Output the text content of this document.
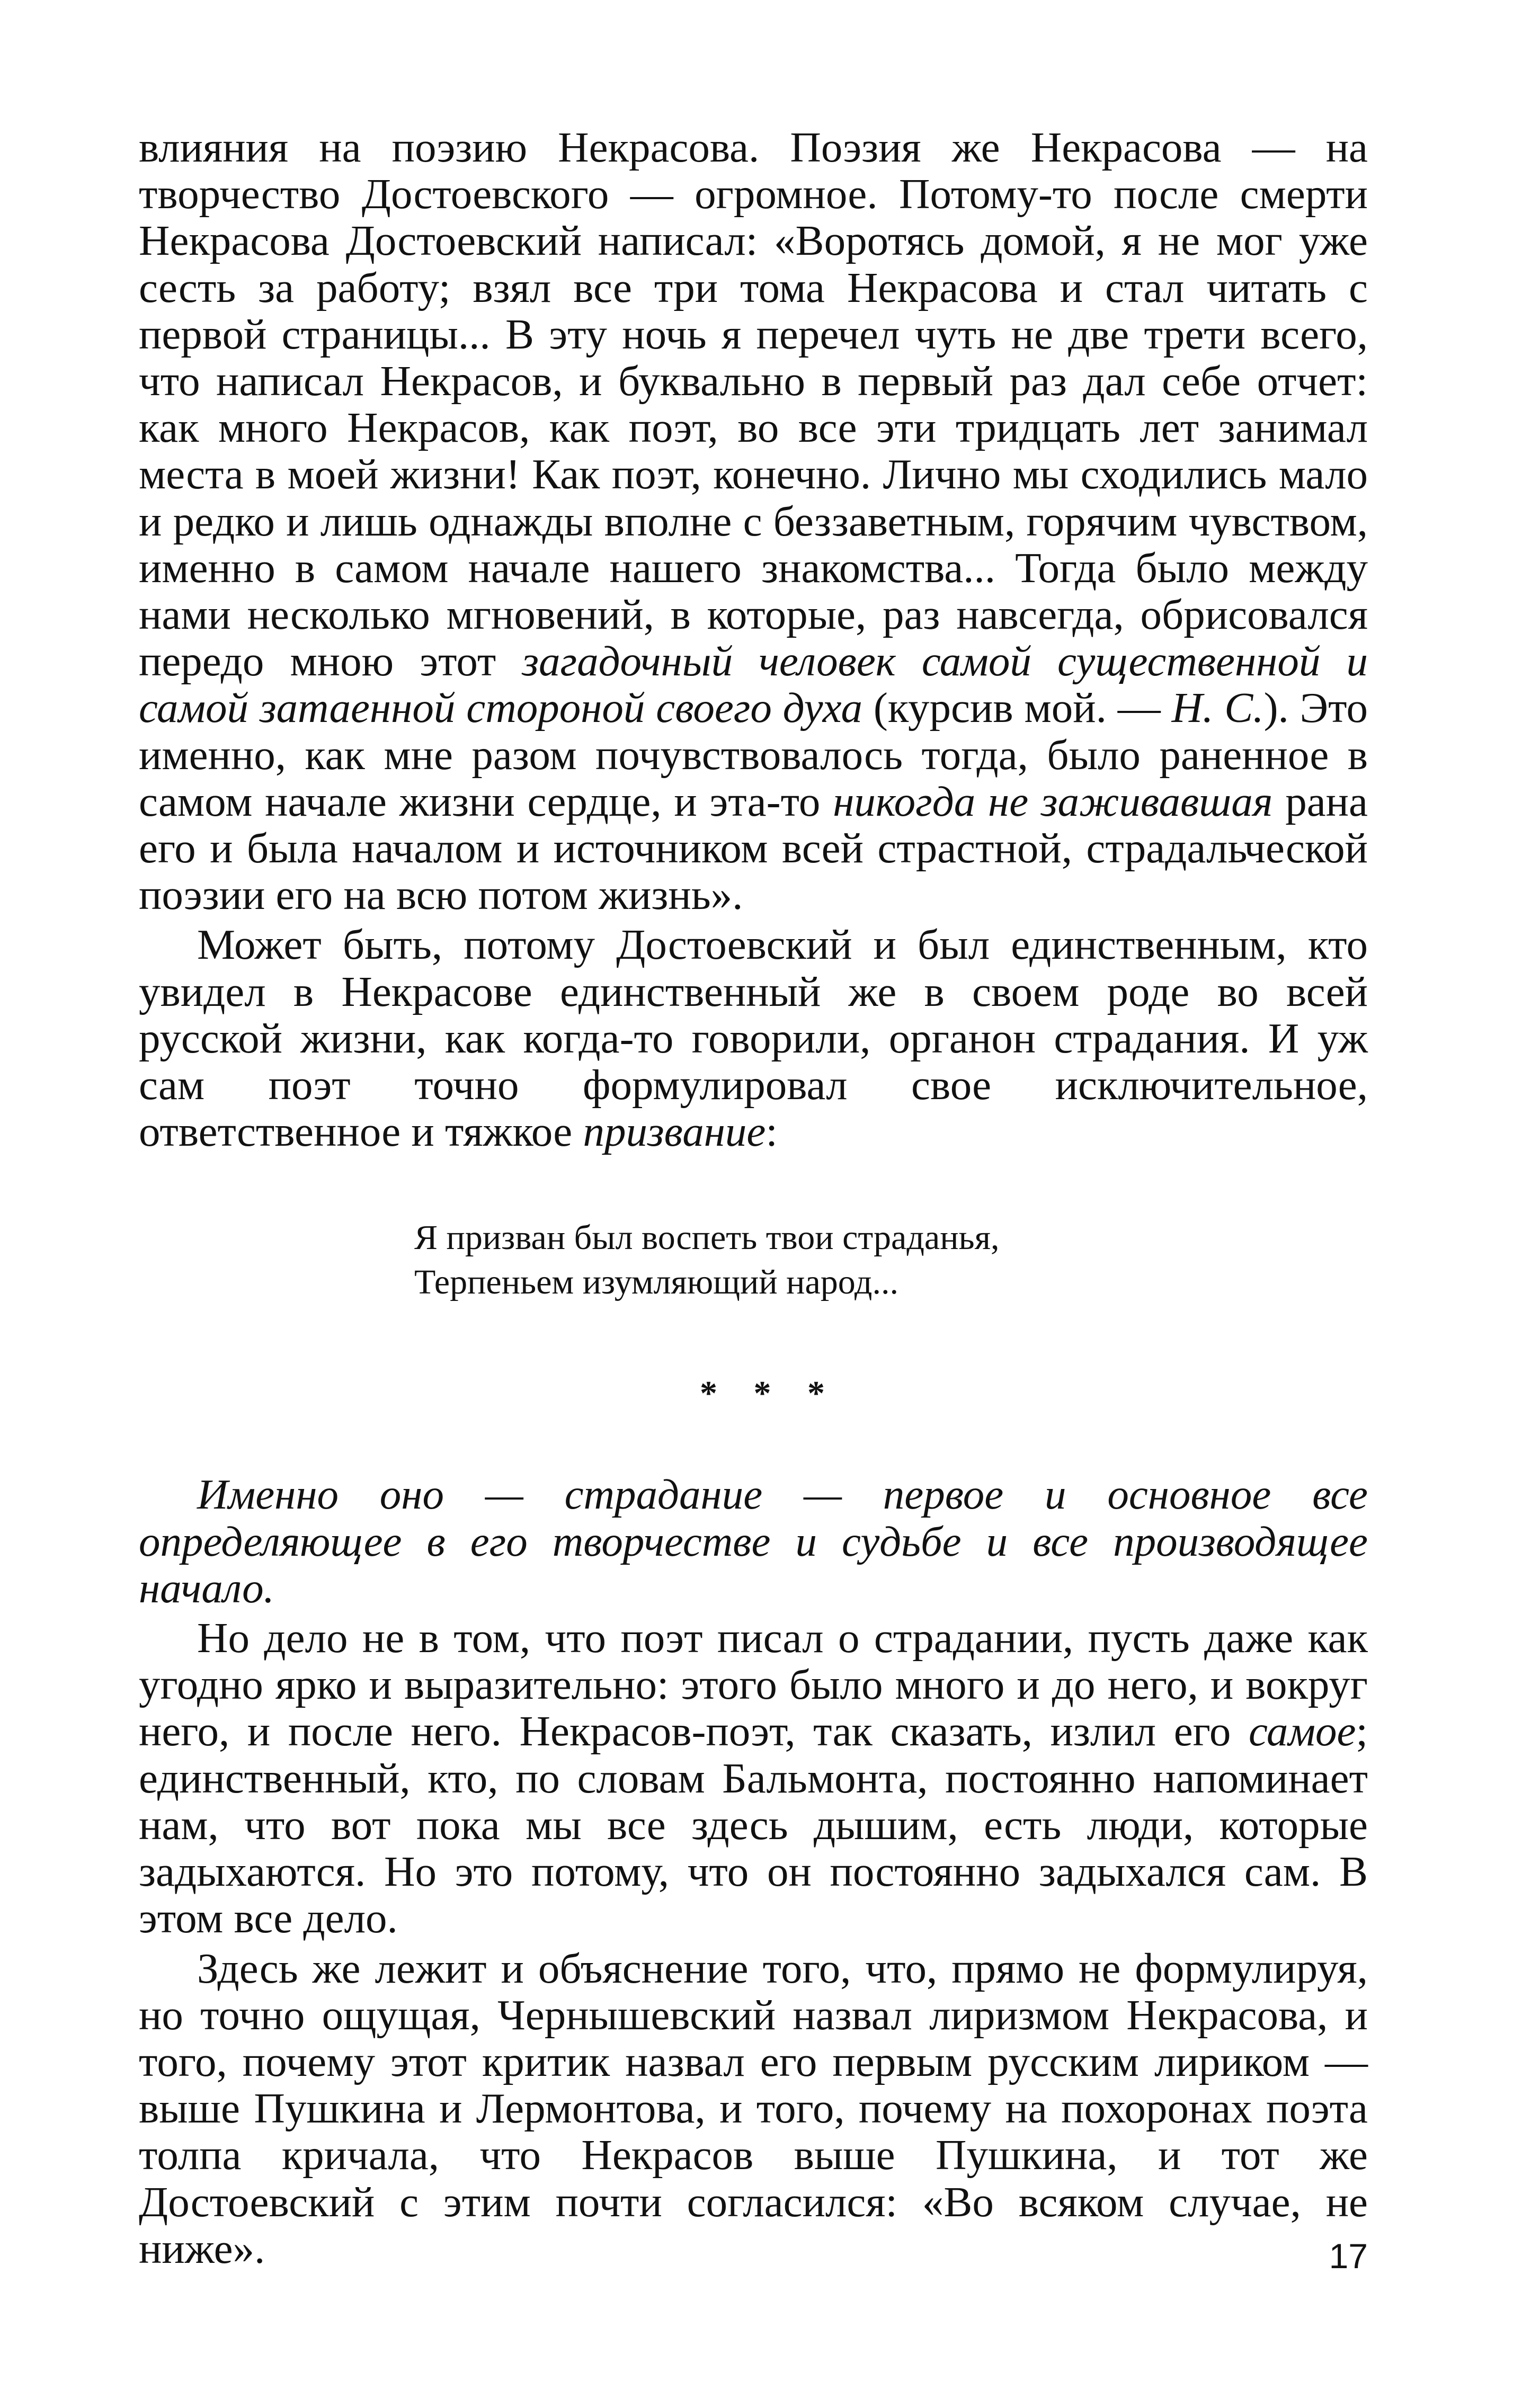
влияния на поэзию Некрасова. Поэзия же Некрасова — на творчество Достоевского — огромное. Потому-то после смерти Некрасова Достоевский написал: «Воротясь домой, я не мог уже сесть за работу; взял все три тома Некрасова и стал читать с первой страницы... В эту ночь я перечел чуть не две трети всего, что написал Некрасов, и буквально в первый раз дал себе отчет: как много Некрасов, как поэт, во все эти тридцать лет занимал места в моей жизни! Как поэт, конечно. Лично мы сходились мало и редко и лишь однажды вполне с беззаветным, горячим чувством, именно в самом начале нашего знакомства... Тогда было между нами несколько мгновений, в которые, раз навсегда, обрисовался передо мною этот загадочный человек самой существенной и самой затаенной стороной своего духа (курсив мой. — Н. С.). Это именно, как мне разом почувствовалось тогда, было раненное в самом начале жизни сердце, и эта-то никогда не заживавшая рана его и была началом и источником всей страстной, страдальческой поэзии его на всю потом жизнь».

Может быть, потому Достоевский и был единственным, кто увидел в Некрасове единственный же в своем роде во всей русской жизни, как когда-то говорили, органон страдания. И уж сам поэт точно формулировал свое исключительное, ответственное и тяжкое призвание:

Я призван был воспеть твои страданья,
Терпеньем изумляющий народ...
* * *

Именно оно — страдание — первое и основное все определяющее в его творчестве и судьбе и все производящее начало.

Но дело не в том, что поэт писал о страдании, пусть даже как угодно ярко и выразительно: этого было много и до него, и вокруг него, и после него. Некрасов-поэт, так сказать, излил его самое; единственный, кто, по словам Бальмонта, постоянно напоминает нам, что вот пока мы все здесь дышим, есть люди, которые задыхаются. Но это потому, что он постоянно задыхался сам. В этом все дело.

Здесь же лежит и объяснение того, что, прямо не формулируя, но точно ощущая, Чернышевский назвал лиризмом Некрасова, и того, почему этот критик назвал его первым русским лириком — выше Пушкина и Лермонтова, и того, почему на похоронах поэта толпа кричала, что Некрасов выше Пушкина, и тот же Достоевский с этим почти согласился: «Во всяком случае, не ниже».	17
